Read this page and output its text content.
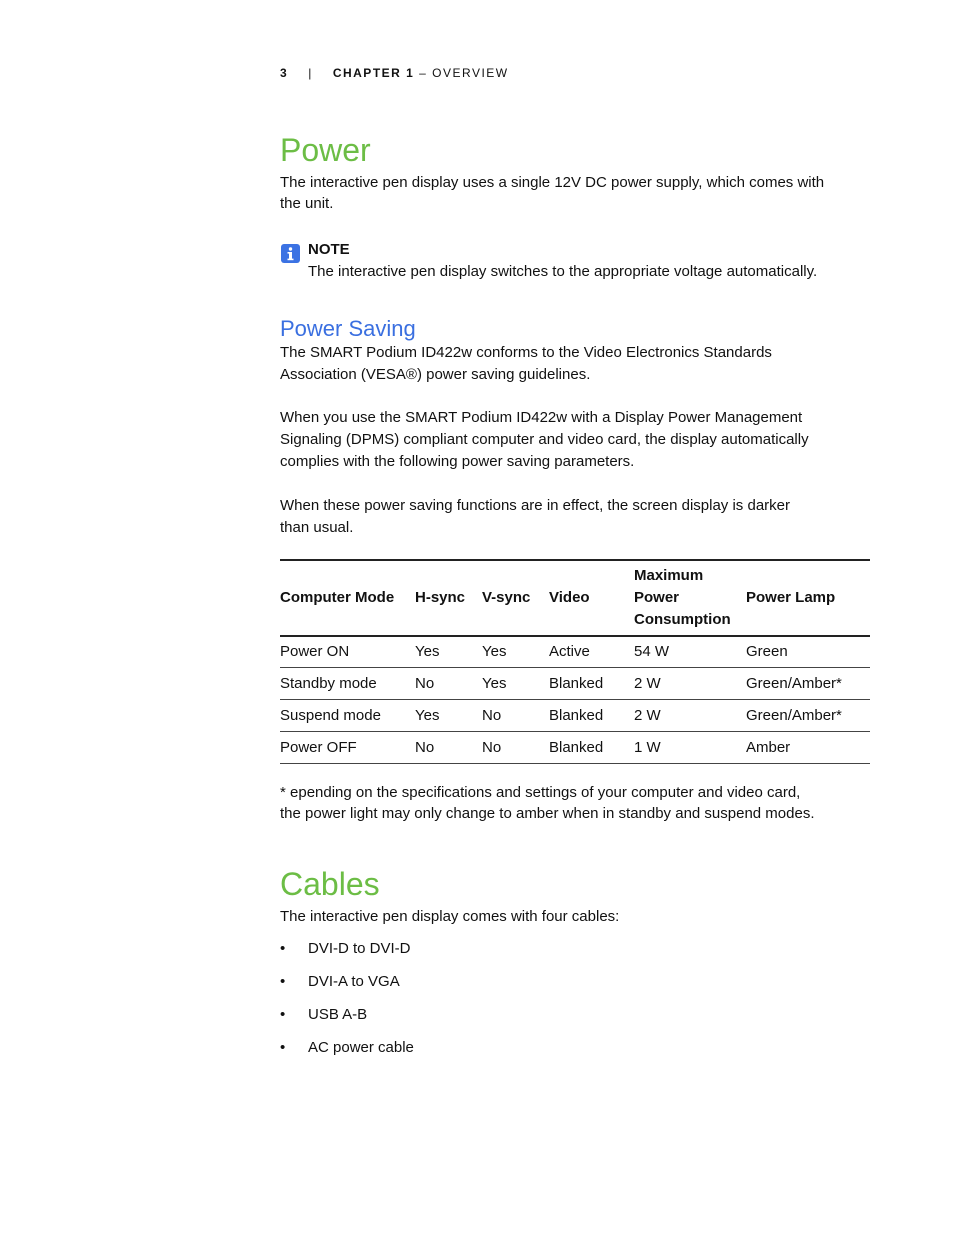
3 | CHAPTER 1 – OVERVIEW
Power

The interactive pen display uses a single 12V DC power supply, which comes with

the unit.

NOTE
The interactive pen display switches to the appropriate voltage automatically.
Power Saving

The SMART Podium ID422w conforms to the Video Electronics Standards

Association (VESA®) power saving guidelines.

When you use the SMART Podium ID422w with a Display Power Management

Signaling (DPMS) compliant computer and video card, the display automatically

complies with the following power saving parameters.

When these power saving functions are in effect, the screen display is darker

than usual.

Computer Mode	H-sync	V-sync	Video	Maximum
Power
Consumption	Power Lamp
Power ON	Yes	Yes	Active	54 W	Green
Standby mode	No	Yes	Blanked	2 W	Green/Amber*
Suspend mode	Yes	No	Blanked	2 W	Green/Amber*
Power OFF	No	No	Blanked	1 W	Amber

* epending on the specifications and settings of your computer and video card,

the power light may only change to amber when in standby and suspend modes.

Cables

The interactive pen display comes with four cables:

• DVI-D to DVI-D
• DVI-A to VGA
• USB A-B
• AC power cable
